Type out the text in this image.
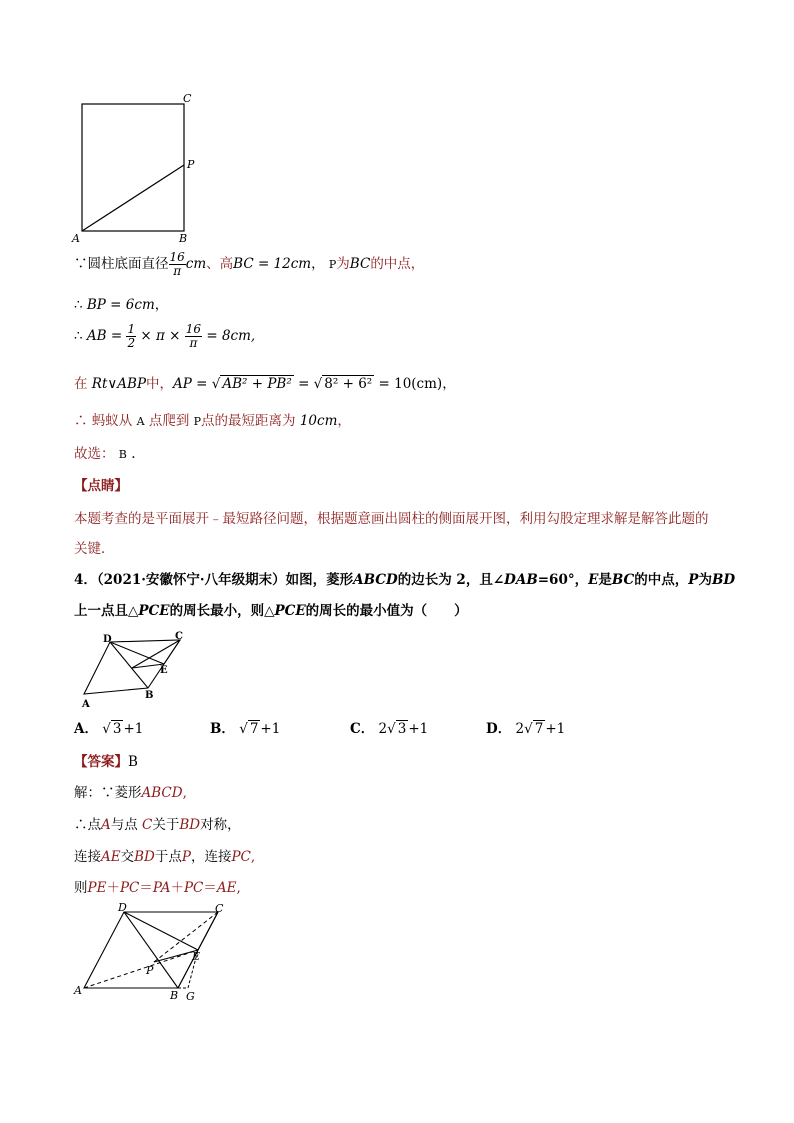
C
P
A	B
∵圆柱底面直径 $\frac{16}{\pi}$ cm、高BC = 12cm， P为BC的中点，
∴ BP = 6cm，
∴ AB = $\frac{1}{2} \times \pi \times \frac{16}{\pi} = 8cm$,
在 Rt∨ABP中，AP = √ AB² + PB² = √ 8² + 6² = 10(cm)，
∴ 蚂蚁从 A 点爬到 P点的最短距离为 10cm，
故选： B .
【点睛】
本题考查的是平面展开﹣最短路径问题，根据题意画出圆柱的侧面展开图，利用勾股定理求解是解答此题的
关键．
4．（2021·安徽怀宁·八年级期末）如图，菱形ABCD的边长为 2，且∠DAB=60°，E是BC的中点，P为BD
上一点且△PCE的周长最小，则△PCE的周长的最小值为（　　）
D	C
E
A
B
A． √ 3 +1	B． √ 7 +1	C． 2√ 3 +1	D． 2√ 7 +1
【答案】B
解：∵菱形ABCD,
∴点A与点 C关于BD对称，
连接AE交BD于点P，连接PC,
则PE＋PC＝PA＋PC＝AE,
D	C
E
P
A	B G
